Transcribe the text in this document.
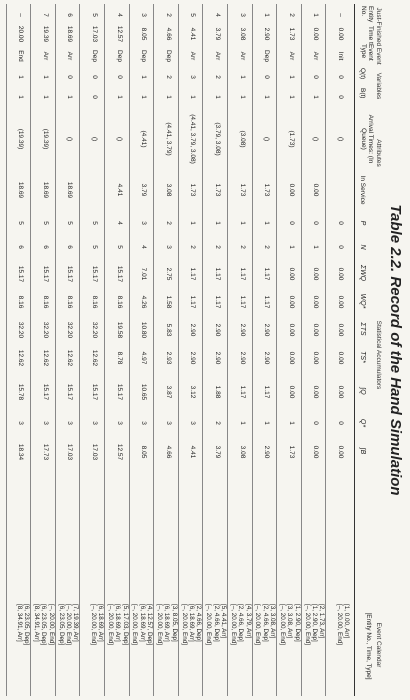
Table 2.2. Record of the Hand Simulation
Just-Finished Event
Variables
Attributes
Statistical Accumulators
Event Calendar
Entity No.
Time t
Event Type
Q(t)
B(t)
Arrival Times: (In Queue)
In Service
P
N
ΣWQ
WQ*
ΣTS
TS*
∫Q
Q*
∫B
[Entity No., Time, Type]
–
0.00
Init
0
0
()
0
0
0.00
0.00
0.00
0.00
0.00
0
0.00
[1, 0.00, Arr]
[–, 20.00, End]
1
0.00
Arr
0
1
()
0.00
0
1
0.00
0.00
0.00
0.00
0.00
0
0.00
[2, 1.73, Arr]
[1, 2.90, Dep]
[–, 20.00, End]
2
1.73
Arr
1
1
(1.73)
0.00
0
1
0.00
0.00
0.00
0.00
0.00
1
1.73
[1, 2.90, Dep]
[3, 3.08, Arr]
[–, 20.00, End]
1
2.90
Dep
0
1
()
1.73
1
2
1.17
1.17
2.90
2.90
1.17
1
2.90
[3, 3.08, Arr]
[2, 4.66, Dep]
[–, 20.00, End]
3
3.08
Arr
1
1
(3.08)
1.73
1
2
1.17
1.17
2.90
2.90
1.17
1
3.08
[4, 3.79, Arr]
[2, 4.66, Dep]
[–, 20.00, End]
4
3.79
Arr
2
1
(3.79, 3.08)
1.73
1
2
1.17
1.17
2.90
2.90
1.88
2
3.79
[5, 4.41, Arr]
[2, 4.66, Dep]
[–, 20.00, End]
5
4.41
Arr
3
1
(4.41, 3.79, 3.08)
1.73
1
2
1.17
1.17
2.90
2.90
3.12
3
4.41
[2, 4.66, Dep]
[6, 18.69, Arr]
[–, 20.00, End]
2
4.66
Dep
2
1
(4.41, 3.79)
3.08
2
3
2.75
1.58
5.83
2.93
3.87
3
4.66
[3, 8.05, Dep]
[6, 18.69, Arr]
[–, 20.00, End]
3
8.05
Dep
1
1
(4.41)
3.79
3
4
7.01
4.26
10.80
4.97
10.65
3
8.05
[4, 12.57, Dep]
[6, 18.69, Arr]
[–, 20.00, End]
4
12.57
Dep
0
1
()
4.41
4
5
15.17
8.16
19.58
8.78
15.17
3
12.57
[5, 17.03, Dep]
[6, 18.69, Arr]
[–, 20.00, End]
5
17.03
Dep
0
0
()
5
5
15.17
8.16
32.20
12.62
15.17
3
17.03
[6, 18.69, Arr]
[–, 20.00, End]
6
18.69
Arr
0
1
()
18.69
5
6
15.17
8.16
32.20
12.62
15.17
3
17.03
[7, 19.39, Arr]
[–, 20.00, End]
[6, 23.05, Dep]
7
19.39
Arr
1
1
(19.39)
18.69
5
6
15.17
8.16
32.20
12.62
15.17
3
17.73
[–, 20.00, End]
[6, 23.05, Dep]
[8, 34.91, Arr]
–
20.00
End
1
1
(19.39)
18.69
5
6
15.17
8.16
32.20
12.62
15.78
3
18.34
[6, 23.05, Dep]
[8, 34.91, Arr]
